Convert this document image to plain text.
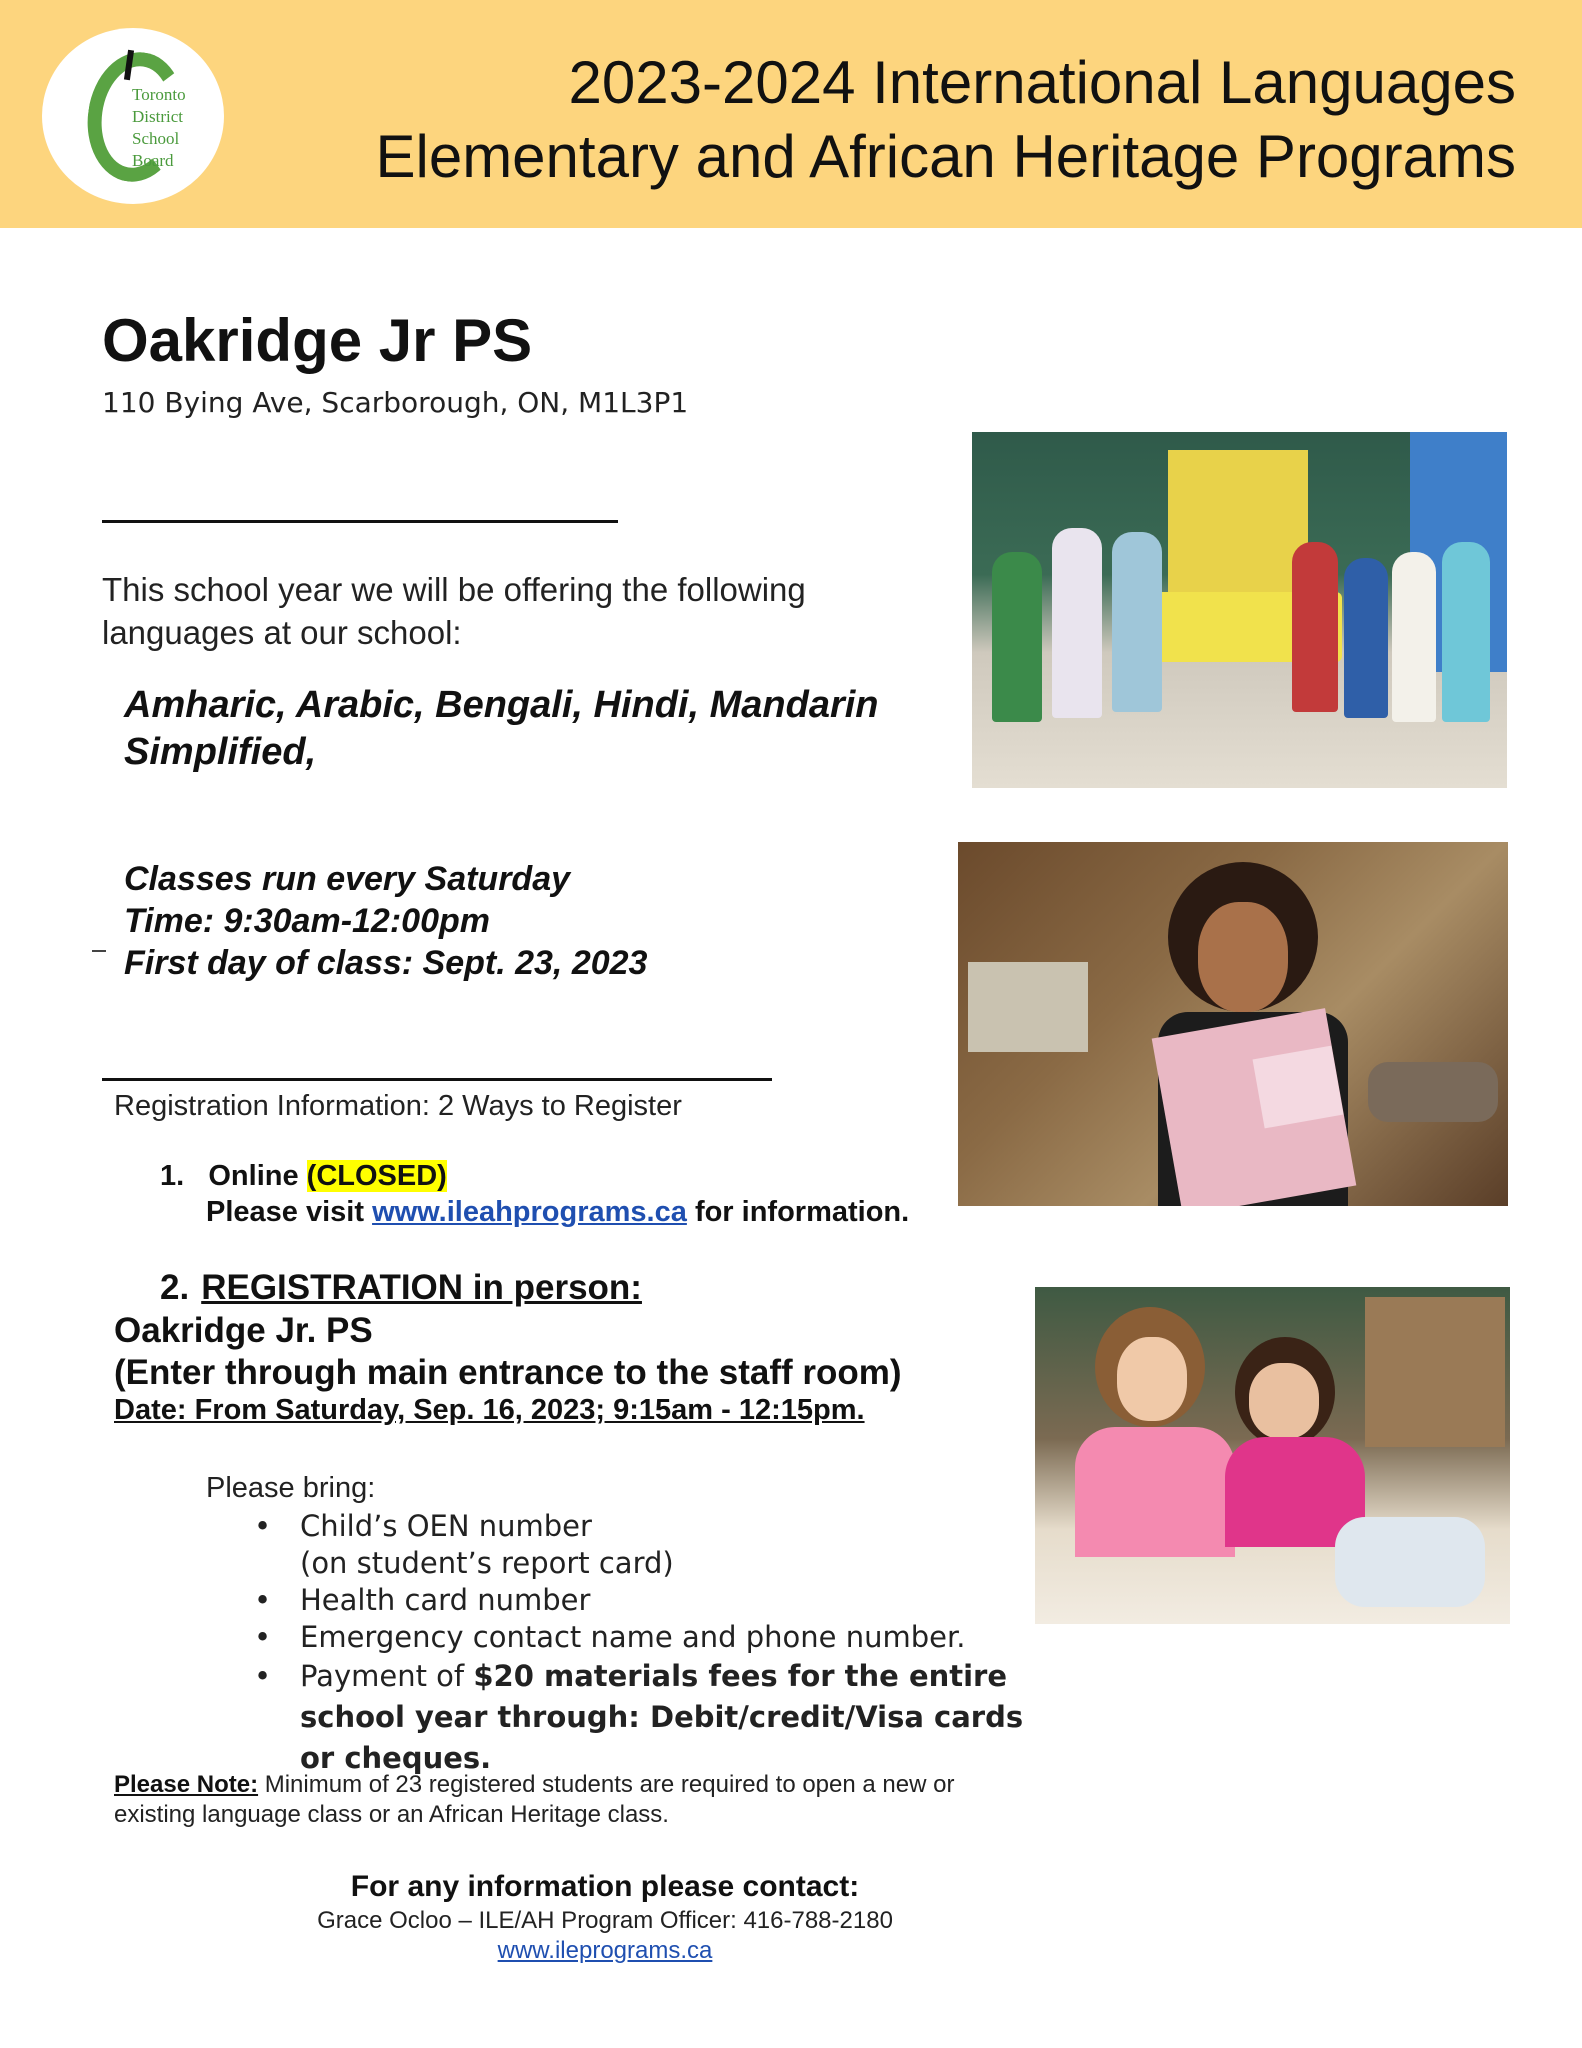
Toronto
District
School
Board
2023-2024 International Languages
Elementary and African Heritage Programs
Oakridge Jr PS
110 Bying Ave, Scarborough, ON, M1L3P1
This school year we will be offering the following languages at our school:
Amharic, Arabic, Bengali, Hindi, Mandarin Simplified,
Classes run every Saturday
Time: 9:30am-12:00pm
First day of class: Sept. 23, 2023
Registration Information: 2 Ways to Register
1. Online (CLOSED)
Please visit www.ileahprograms.ca for information.
2. REGISTRATION in person:
Oakridge Jr. PS
(Enter through main entrance to the staff room)
Date: From Saturday, Sep. 16, 2023; 9:15am - 12:15pm.
Please bring:
• Child’s OEN number
(on student’s report card)
• Health card number
• Emergency contact name and phone number.
• Payment of $20 materials fees for the entire school year through: Debit/credit/Visa cards or cheques.
Please Note: Minimum of 23 registered students are required to open a new or existing language class or an African Heritage class.
For any information please contact:
Grace Ocloo – ILE/AH Program Officer: 416-788-2180
www.ileprograms.ca
